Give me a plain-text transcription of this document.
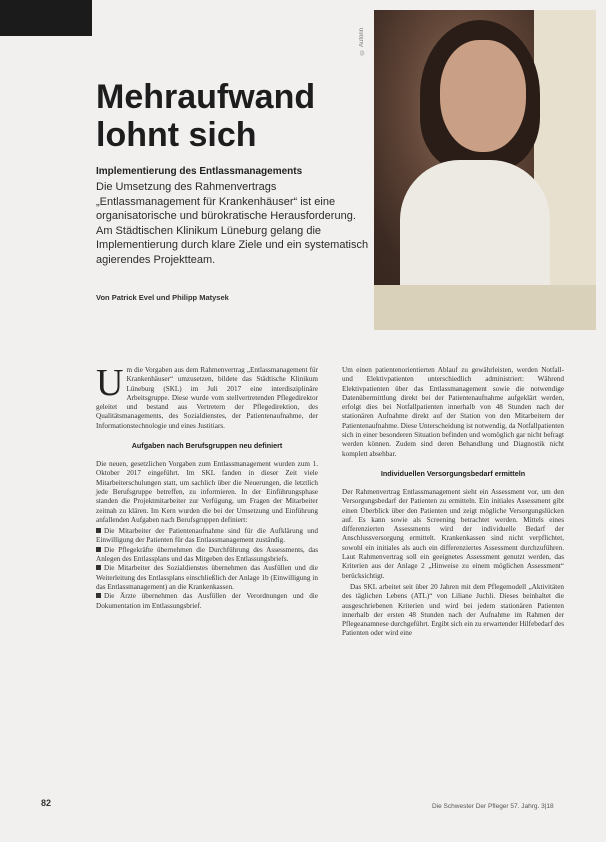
© Autorin
Mehraufwand lohnt sich
Implementierung des Entlassmanagements
Die Umsetzung des Rahmenvertrags „Entlassmanagement für Krankenhäuser“ ist eine organisatorische und bürokratische Herausforderung. Am Städtischen Klinikum Lüneburg gelang die Implementierung durch klare Ziele und ein systematisch agierendes Projektteam.
Von Patrick Evel und Philipp Matysek

Um die Vorgaben aus dem Rahmenvertrag „Entlassmanagement für Krankenhäuser“ umzusetzen, bildete das Städtische Klinikum Lüneburg (SKL) im Juli 2017 eine interdisziplinäre Arbeitsgruppe. Diese wurde vom stellvertretenden Pflegedirektor geleitet und bestand aus Vertretern der Pflegedirektion, des Qualitätsmanagements, des Sozialdienstes, der Patientenaufnahme, der Informationstechnologie und eines Justitiars.

Aufgaben nach Berufsgruppen neu definiert

Die neuen, gesetzlichen Vorgaben zum Entlassmanagement wurden zum 1. Oktober 2017 eingeführt. Im SKL fanden in dieser Zeit viele Mitarbeiterschulungen statt, um sachlich über die Neuerungen, die letztlich jede Berufsgruppe betreffen, zu informieren. In der Einführungsphase standen die Projektmitarbeiter zur Verfügung, um Fragen der Mitarbeiter zeitnah zu klären. Im Kern wurden die bei der Umsetzung und Einführung anfallenden Aufgaben nach Berufsgruppen definiert:

Die Mitarbeiter der Patientenaufnahme sind für die Aufklärung und Einwilligung der Patienten für das Entlassmanagement zuständig.
Die Pflegekräfte übernehmen die Durchführung des Assessments, das Anlegen des Entlassplans und das Mitgeben des Entlassungsbriefs.
Die Mitarbeiter des Sozialdienstes übernehmen das Ausfüllen und die Weiterleitung des Entlassplans einschließlich der Anlage 1b (Einwilligung in das Entlassmanagement) an die Krankenkassen.
Die Ärzte übernehmen das Ausfüllen der Verordnungen und die Dokumentation im Entlassungsbrief.

Um einen patientenorientierten Ablauf zu gewährleisten, werden Notfall- und Elektivpatienten unterschiedlich administriert: Während Elektivpatienten über das Entlassmanagement sowie die notwendige Datenübermittlung direkt bei der Patientenaufnahme aufgeklärt werden, erfolgt dies bei Notfallpatienten innerhalb von 48 Stunden nach der stationären Aufnahme direkt auf der Station von den Mitarbeitern der Patientenaufnahme. Diese Unterscheidung ist notwendig, da Notfallpatienten sich in einer besonderen Situation befinden und womöglich gar nicht befragt werden können. Zudem sind deren Behandlung und Diagnostik nicht komplett absehbar.

Individuellen Versorgungsbedarf ermitteln

Der Rahmenvertrag Entlassmanagement sieht ein Assessment vor, um den Versorgungsbedarf der Patienten zu ermitteln. Ein initiales Assessment gibt einen Überblick über den Patienten und zeigt mögliche Versorgungslücken auf. Es kann sowie als Screening betrachtet werden. Mittels eines differenzierten Assessments wird der individuelle Bedarf der Anschlussversorgung ermittelt. Krankenkassen sind nicht verpflichtet, sowohl ein initiales als auch ein differenziertes Assessment durchzuführen. Laut Rahmenvertrag soll ein geeignetes Assessment genutzt werden, das Kriterien aus der Anlage 2 „Hinweise zu einem möglichen Assessment“ berücksichtigt.

Das SKL arbeitet seit über 20 Jahren mit dem Pflegemodell „Aktivitäten des täglichen Lebens (ATL)“ von Liliane Juchli. Dieses beinhaltet die ausgeschriebenen Kriterien und wird bei jedem stationären Patienten innerhalb der ersten 48 Stunden nach der Aufnahme im Rahmen der Pflegeanamnese durchgeführt. Ergibt sich ein zu erwartender Hilfebedarf des Patienten oder wird eine

82	Die Schwester Der Pfleger 57. Jahrg. 3|18
